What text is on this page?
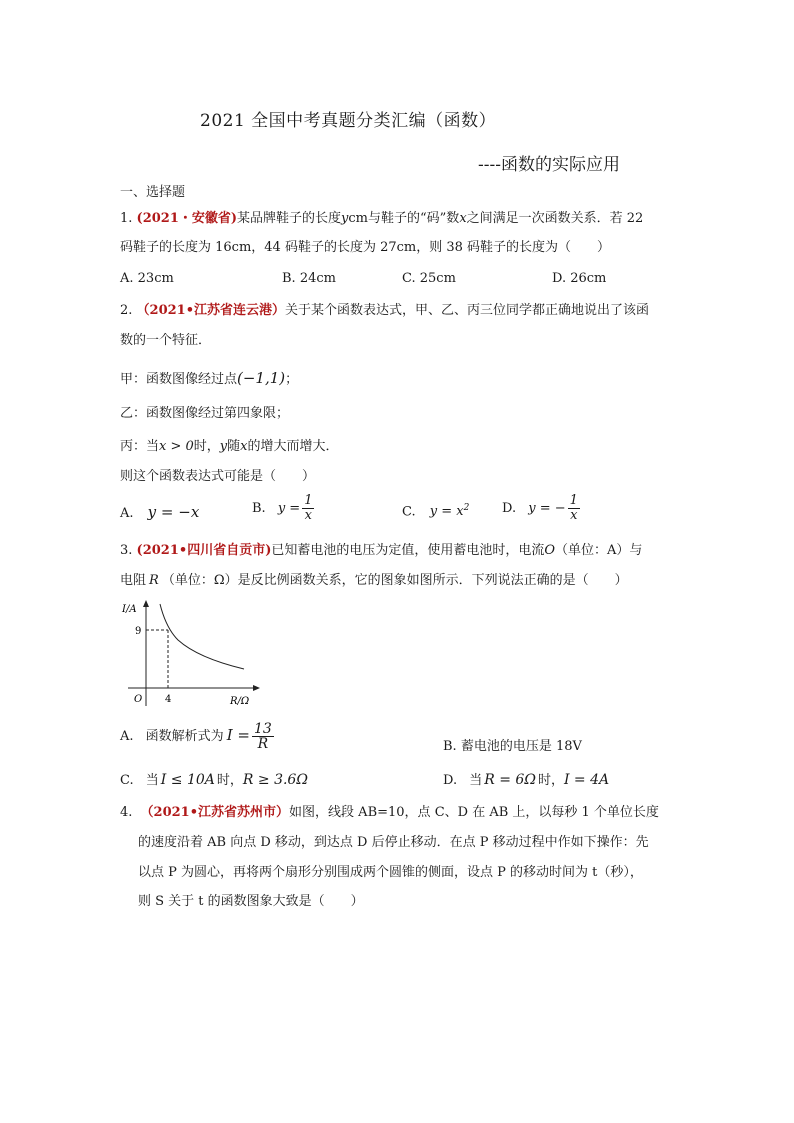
2021 全国中考真题分类汇编（函数）
----函数的实际应用
一、选择题
1. (2021・安徽省)某品牌鞋子的长度ycm与鞋子的“码”数x之间满足一次函数关系．若 22
码鞋子的长度为 16cm，44 码鞋子的长度为 27cm，则 38 码鞋子的长度为（　　）
A. 23cm	B. 24cm	C. 25cm	D. 26cm
2. （2021•江苏省连云港）关于某个函数表达式，甲、乙、丙三位同学都正确地说出了该函
数的一个特征．
甲：函数图像经过点(−1,1)；
乙：函数图像经过第四象限；
丙：当x > 0时，y随x的增大而增大．
则这个函数表达式可能是（　　）
A. y = −x	B. $y = \frac{1}{x}$	C. $y = x^2$	D. y = − $\frac{1}{x}$
3. (2021•四川省自贡市)已知蓄电池的电压为定值，使用蓄电池时，电流O（单位：A）与
电阻 R （单位：Ω）是反比例函数关系，它的图象如图所示．下列说法正确的是（　　）
I/A
9
O 4	R/Ω
A. 函数解析式为 $I = \frac{13}{R}$	B. 蓄电池的电压是 18V
C. 当 I ≤ 10A 时，R ≥ 3.6Ω	D. 当 R = 6Ω 时，I = 4A
4. （2021•江苏省苏州市）如图，线段 AB=10，点 C、D 在 AB 上，以每秒 1 个单位长度
的速度沿着 AB 向点 D 移动，到达点 D 后停止移动．在点 P 移动过程中作如下操作：先
以点 P 为圆心，再将两个扇形分别围成两个圆锥的侧面，设点 P 的移动时间为 t（秒），
则 S 关于 t 的函数图象大致是（　　）
